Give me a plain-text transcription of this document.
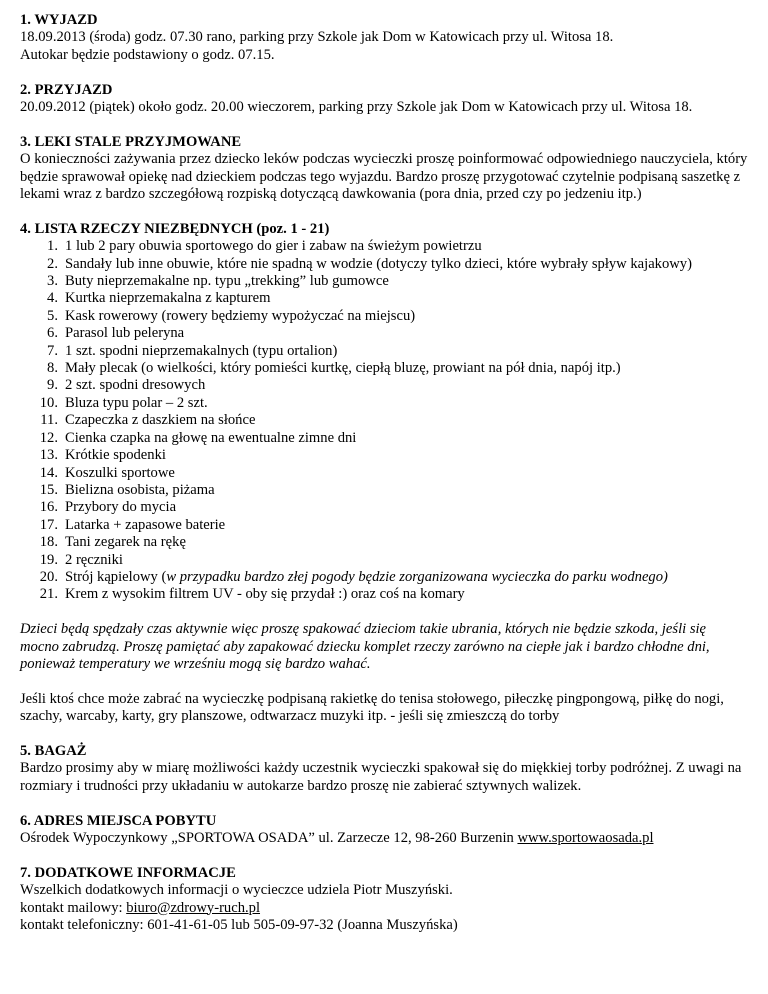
1. WYJAZD

18.09.2013 (środa) godz. 07.30 rano, parking przy Szkole jak Dom w Katowicach przy ul. Witosa 18.

Autokar będzie podstawiony o godz. 07.15.

2. PRZYJAZD

20.09.2012 (piątek) około godz. 20.00 wieczorem, parking przy Szkole jak Dom w Katowicach przy ul. Witosa 18.

3. LEKI STALE PRZYJMOWANE

O konieczności zażywania przez dziecko leków podczas wycieczki proszę poinformować odpowiedniego nauczyciela, który będzie sprawował opiekę nad dzieckiem podczas tego wyjazdu. Bardzo proszę przygotować czytelnie podpisaną saszetkę z lekami wraz z bardzo szczegółową rozpiską dotyczącą dawkowania (pora dnia, przed czy po jedzeniu itp.)

4. LISTA RZECZY NIEZBĘDNYCH (poz. 1 - 21)
1. 1 lub 2 pary obuwia sportowego do gier i zabaw na świeżym powietrzu
2. Sandały lub inne obuwie, które nie spadną w wodzie (dotyczy tylko dzieci, które wybrały spływ kajakowy)
3. Buty nieprzemakalne np. typu „trekking” lub gumowce
4. Kurtka nieprzemakalna z kapturem
5. Kask rowerowy (rowery będziemy wypożyczać na miejscu)
6. Parasol lub peleryna
7. 1 szt. spodni nieprzemakalnych (typu ortalion)
8. Mały plecak (o wielkości, który pomieści kurtkę, ciepłą bluzę, prowiant na pół dnia, napój itp.)
9. 2 szt. spodni dresowych
10. Bluza typu polar – 2 szt.
11. Czapeczka z daszkiem na słońce
12. Cienka czapka na głowę na ewentualne zimne dni
13. Krótkie spodenki
14. Koszulki sportowe
15. Bielizna osobista, piżama
16. Przybory do mycia
17. Latarka + zapasowe baterie
18. Tani zegarek na rękę
19. 2 ręczniki
20. Strój kąpielowy (w przypadku bardzo złej pogody będzie zorganizowana wycieczka do parku wodnego)
21. Krem z wysokim filtrem UV - oby się przydał :) oraz coś na komary

Dzieci będą spędzały czas aktywnie więc proszę spakować dzieciom takie ubrania, których nie będzie szkoda, jeśli się mocno zabrudzą. Proszę pamiętać aby zapakować dziecku komplet rzeczy zarówno na ciepłe jak i bardzo chłodne dni, ponieważ temperatury we wrześniu mogą się bardzo wahać.

Jeśli ktoś chce może zabrać na wycieczkę podpisaną rakietkę do tenisa stołowego, piłeczkę pingpongową, piłkę do nogi, szachy, warcaby, karty, gry planszowe, odtwarzacz muzyki itp. - jeśli się zmieszczą do torby

5. BAGAŻ

Bardzo prosimy aby w miarę możliwości każdy uczestnik wycieczki spakował się do miękkiej torby podróżnej. Z uwagi na rozmiary i trudności przy układaniu w autokarze bardzo proszę nie zabierać sztywnych walizek.

6. ADRES MIEJSCA POBYTU

Ośrodek Wypoczynkowy „SPORTOWA OSADA” ul. Zarzecze 12, 98-260 Burzenin www.sportowaosada.pl

7. DODATKOWE INFORMACJE

Wszelkich dodatkowych informacji o wycieczce udziela Piotr Muszyński.

kontakt mailowy: biuro@zdrowy-ruch.pl

kontakt telefoniczny: 601-41-61-05 lub 505-09-97-32 (Joanna Muszyńska)
